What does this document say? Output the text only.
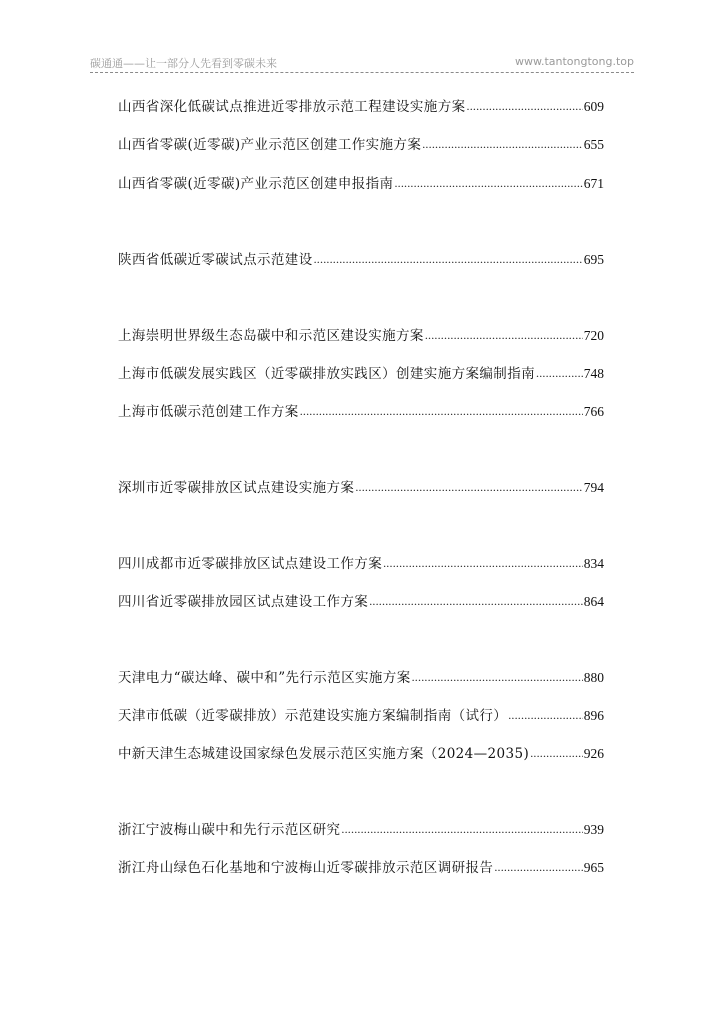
碳通通——让一部分人先看到零碳未来	www.tantongtong.top
山西省深化低碳试点推进近零排放示范工程建设实施方案 .....	609
山西省零碳(近零碳)产业示范区创建工作实施方案 .....	655
山西省零碳(近零碳)产业示范区创建申报指南 .....	671
陕西省低碳近零碳试点示范建设 .....	695
上海崇明世界级生态岛碳中和示范区建设实施方案 .....	720
上海市低碳发展实践区（近零碳排放实践区）创建实施方案编制指南 .....	748
上海市低碳示范创建工作方案 .....	766
深圳市近零碳排放区试点建设实施方案 .....	794
四川成都市近零碳排放区试点建设工作方案 .....	834
四川省近零碳排放园区试点建设工作方案 .....	864
天津电力“碳达峰、碳中和”先行示范区实施方案 .....	880
天津市低碳（近零碳排放）示范建设实施方案编制指南（试行） .....	896
中新天津生态城建设国家绿色发展示范区实施方案（2024—2035) .....	926
浙江宁波梅山碳中和先行示范区研究 .....	939
浙江舟山绿色石化基地和宁波梅山近零碳排放示范区调研报告 .....	965
